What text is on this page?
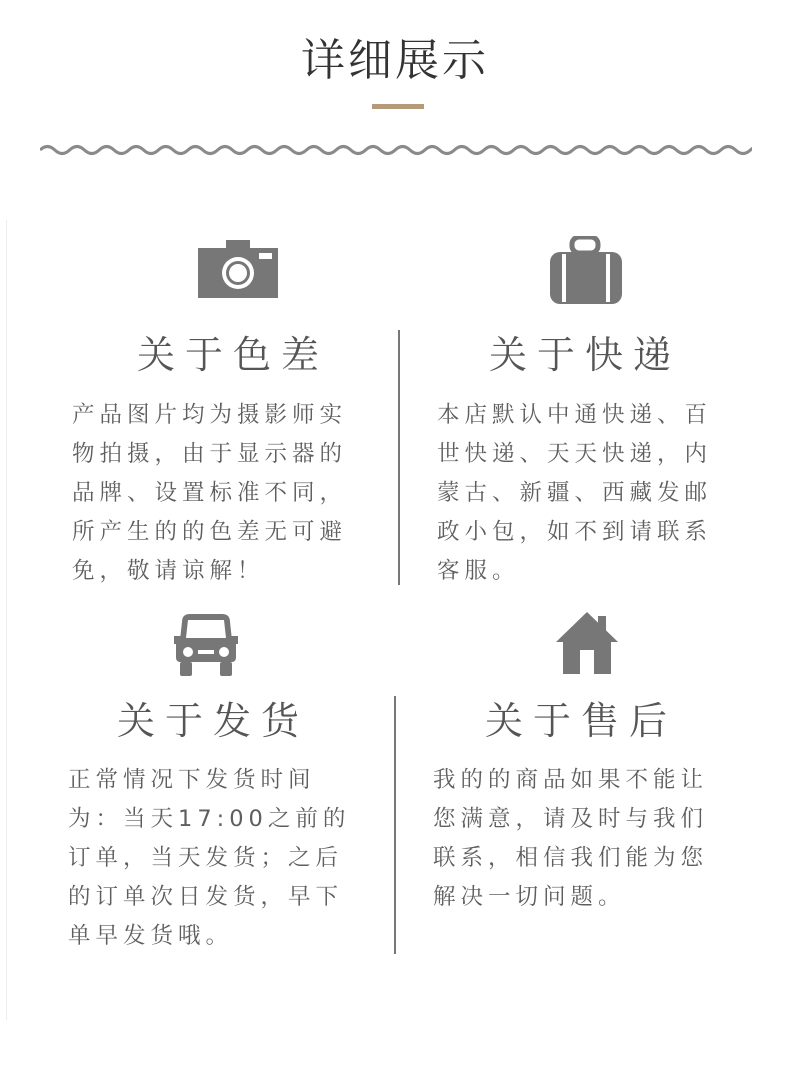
详细展示
关于色差
产品图片均为摄影师实
物拍摄，由于显示器的
品牌、设置标准不同，
所产生的的色差无可避
免，敬请谅解！
关于快递
本店默认中通快递、百
世快递、天天快递，内
蒙古、新疆、西藏发邮
政小包，如不到请联系
客服。
关于发货
正常情况下发货时间
为：当天17:00之前的
订单，当天发货；之后
的订单次日发货，早下
单早发货哦。
关于售后
我的的商品如果不能让
您满意，请及时与我们
联系，相信我们能为您
解决一切问题。
